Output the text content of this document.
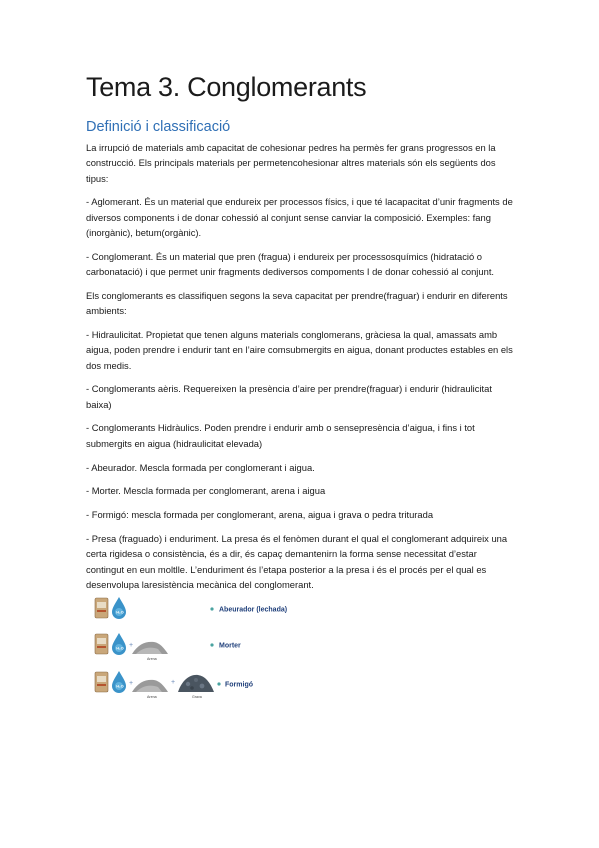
Tema 3. Conglomerants
Definició i classificació

La irrupció de materials amb capacitat de cohesionar pedres ha permès fer grans progressos en la construcció. Els principals materials per permetencohesionar altres materials són els següents dos tipus:

- Aglomerant. És un material que endureix per processos físics, i que té lacapacitat d’unir fragments de diversos components i de donar cohessió al conjunt sense canviar la composició. Exemples: fang (inorgànic), betum(orgànic).

- Conglomerant. És un material que pren (fragua) i endureix per processosquímics (hidratació o carbonatació) i que permet unir fragments dediversos compoments I de donar cohessió al conjunt.

Els conglomerants es classifiquen segons la seva capacitat per prendre(fraguar) i endurir en diferents ambients:

- Hidraulicitat. Propietat que tenen alguns materials conglomerans, gràciesa la qual, amassats amb aigua, poden prendre i endurir tant en l’aire comsubmergits en aigua, donant productes estables en els dos medis.

- Conglomerants aèris. Requereixen la presència d’aire per prendre(fraguar) i endurir (hidraulicitat baixa)

- Conglomerants Hidràulics. Poden prendre i endurir amb o sensepresència d’aigua, i fins i tot submergits en aigua (hidraulicitat elevada)

- Abeurador. Mescla formada per conglomerant i aigua.

- Morter. Mescla formada per conglomerant, arena i aigua

- Formigó: mescla formada per conglomerant, arena, aigua i grava o pedra triturada

- Presa (fraguado) i enduriment. La presa és el fenòmen durant el qual el conglomerant adquireix una certa rigidesa o consistència, és a dir, és capaç demantenirn la forma sense necessitat d’estar contingut en eun moltlle. L’enduriment és l’etapa posterior a la presa i és el procés per el qual es desenvolupa laresistència mecànica del conglomerant.

H₂O	Abeurador (lechada)
H₂O +
Arena
Morter
H₂O +
Arena
+
Grava
Formigó
